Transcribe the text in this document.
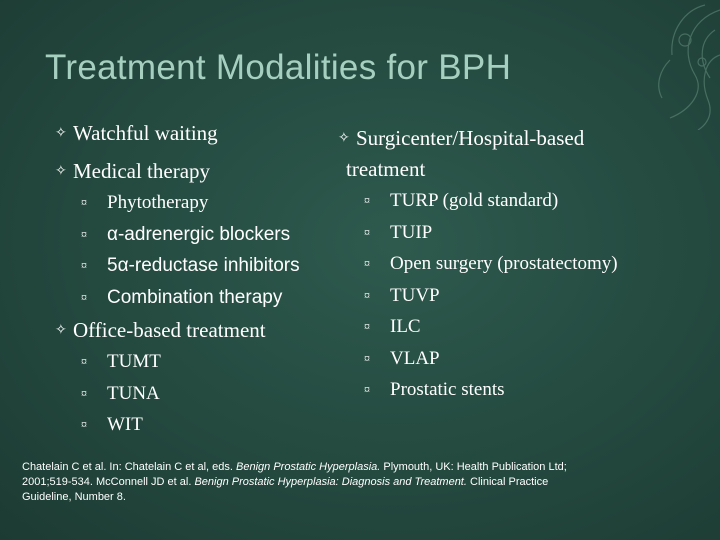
Treatment Modalities for BPH
✧ Watchful waiting
✧ Medical therapy
¤ Phytotherapy
¤ α-adrenergic blockers
¤ 5α-reductase inhibitors
¤ Combination therapy
✧ Office-based treatment
¤ TUMT
¤ TUNA
¤ WIT
✧ Surgicenter/Hospital-based
treatment
¤ TURP (gold standard)
¤ TUIP
¤ Open surgery (prostatectomy)
¤ TUVP
¤ ILC
¤ VLAP
¤ Prostatic stents
Chatelain C et al. In: Chatelain C et al, eds. Benign Prostatic Hyperplasia. Plymouth, UK: Health Publication Ltd; 2001;519-534. McConnell JD et al. Benign Prostatic Hyperplasia: Diagnosis and Treatment. Clinical Practice Guideline, Number 8.
